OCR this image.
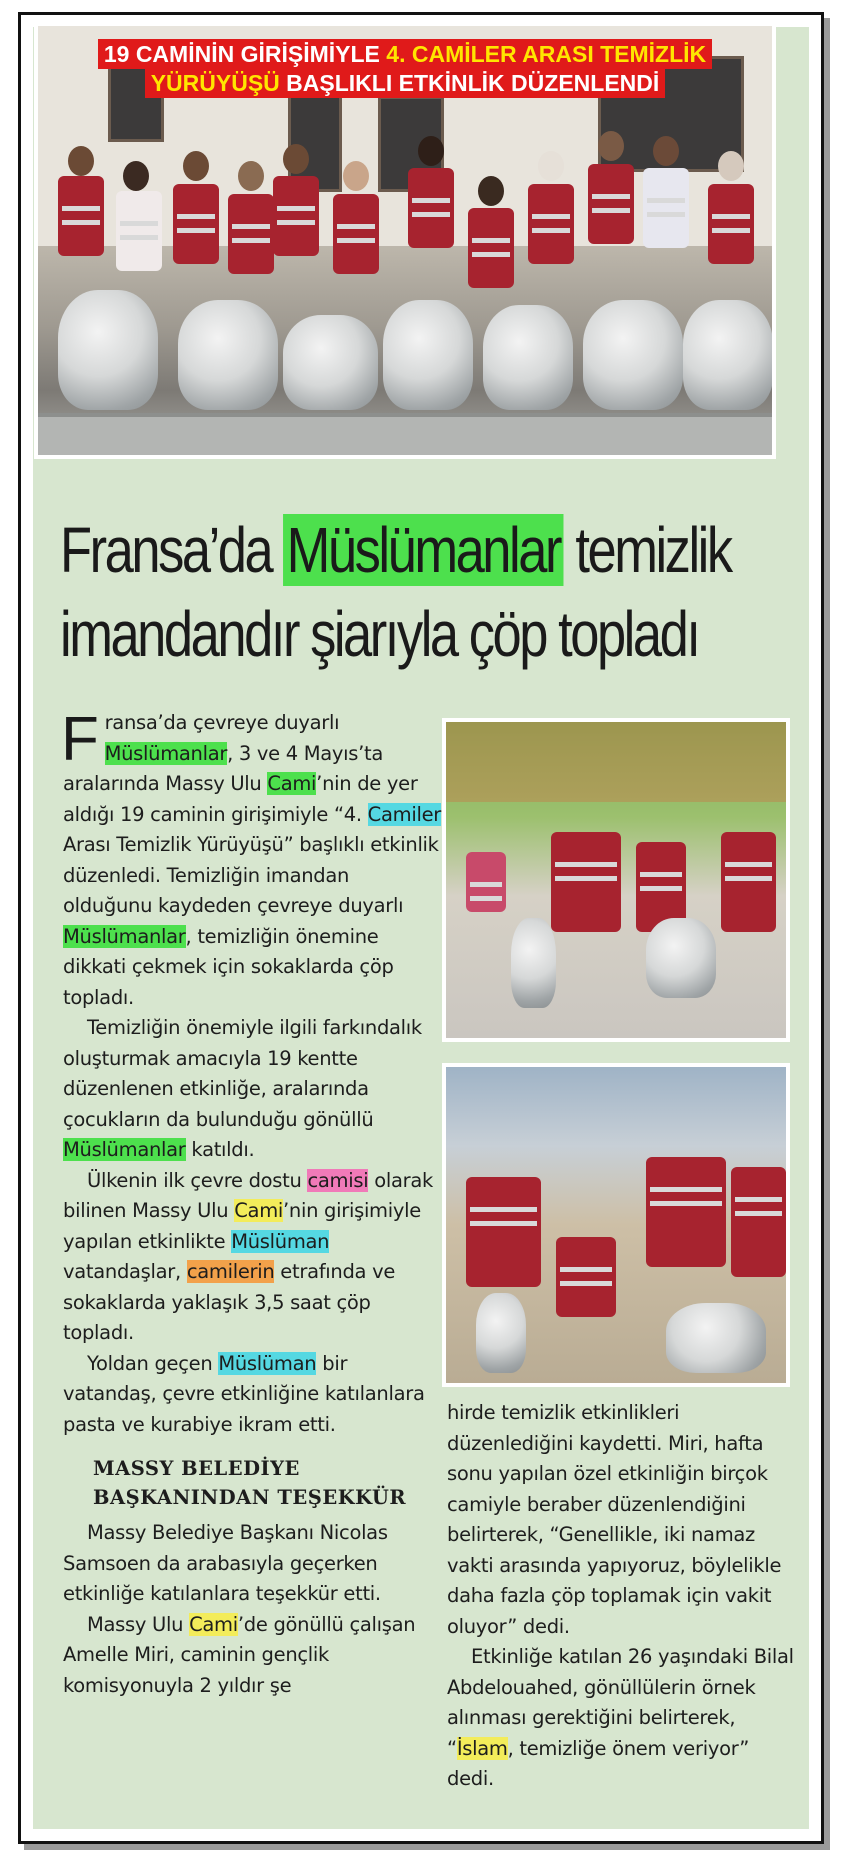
19 CAMİNİN GİRİŞİMİYLE 4. CAMİLER ARASI TEMİZLİK
YÜRÜYÜŞÜ BAŞLIKLI ETKİNLİK DÜZENLENDİ
Fransa’da Müslümanlar temizlik
imandandır şiarıyla çöp topladı

Fransa’da çevreye duyarlı Müslümanlar, 3 ve 4 Mayıs’ta aralarında Massy Ulu Cami’nin de yer aldığı 19 caminin girişimiyle “4. Camiler Arası Temizlik Yürüyüşü” başlıklı etkinlik düzenledi. Temizliğin imandan olduğunu kaydeden çevreye duyarlı Müslümanlar, temizliğin önemine dikkati çekmek için sokaklarda çöp topladı.

Temizliğin önemiyle ilgili farkındalık oluşturmak amacıyla 19 kentte düzenlenen etkinliğe, aralarında çocukların da bulunduğu gönüllü Müslümanlar katıldı.

Ülkenin ilk çevre dostu camisi olarak bilinen Massy Ulu Cami’nin girişimiyle yapılan etkinlikte Müslüman vatandaşlar, camilerin etrafında ve sokaklarda yaklaşık 3,5 saat çöp topladı.

Yoldan geçen Müslüman bir vatandaş, çevre etkinliğine katılanlara pasta ve kurabiye ikram etti.

MASSY BELEDİYE
BAŞKANINDAN TEŞEKKÜR

Massy Belediye Başkanı Nicolas Samsoen da arabasıyla geçerken etkinliğe katılanlara teşekkür etti.

Massy Ulu Cami’de gönüllü çalışan Amelle Miri, caminin gençlik komisyonuyla 2 yıldır şe

hirde temizlik etkinlikleri düzenlediğini kaydetti. Miri, hafta sonu yapılan özel etkinliğin birçok camiyle beraber düzenlendiğini belirterek, “Genellikle, iki namaz vakti arasında yapıyoruz, böylelikle daha fazla çöp toplamak için vakit oluyor” dedi.

Etkinliğe katılan 26 yaşındaki Bilal Abdelouahed, gönüllülerin örnek alınması gerektiğini belirterek, “İslam, temizliğe önem veriyor” dedi.
